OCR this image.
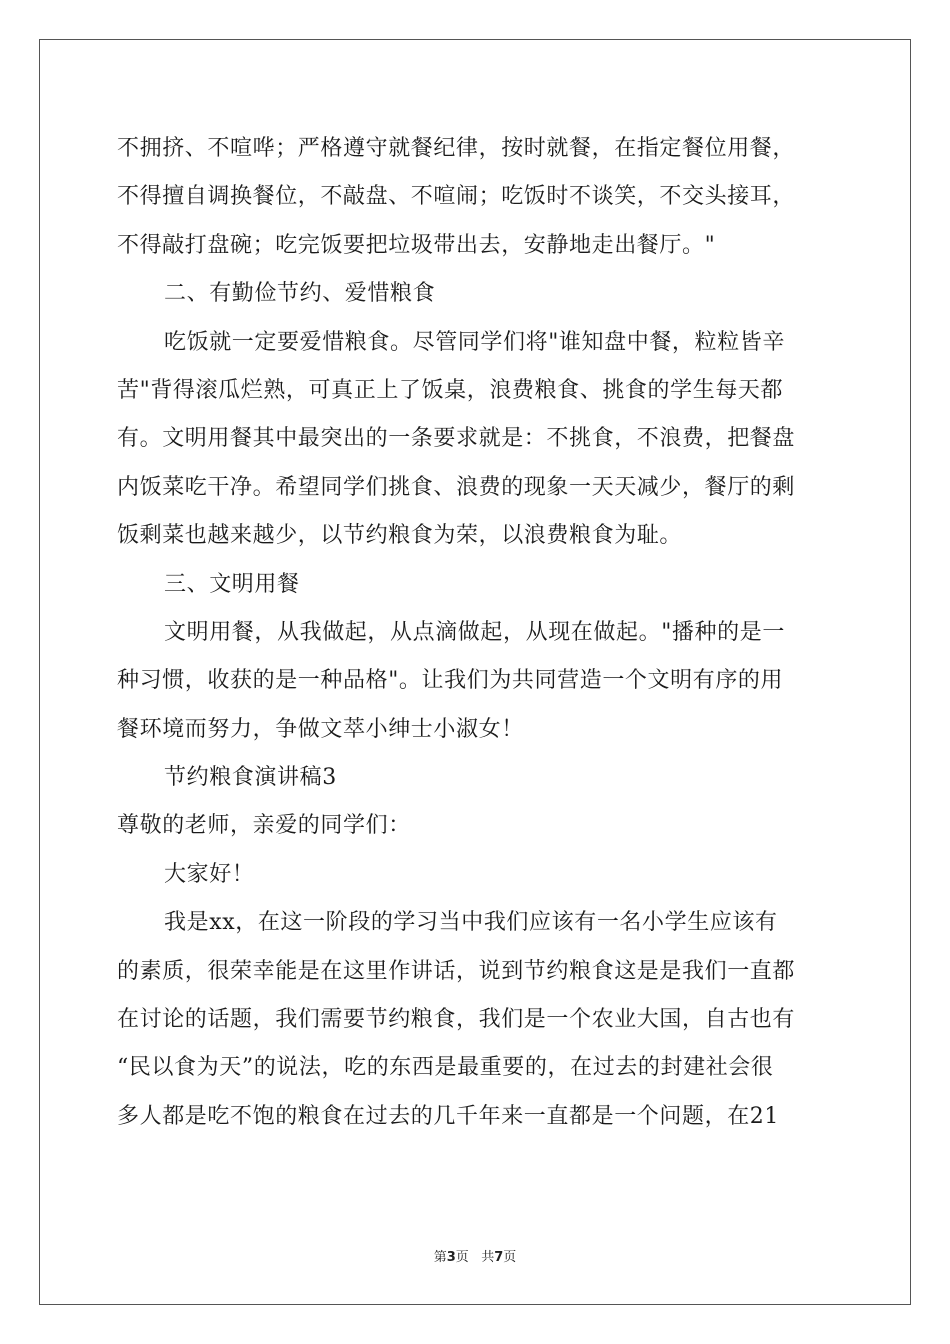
不拥挤、不喧哗；严格遵守就餐纪律，按时就餐，在指定餐位用餐，
不得擅自调换餐位，不敲盘、不喧闹；吃饭时不谈笑，不交头接耳，
不得敲打盘碗；吃完饭要把垃圾带出去，安静地走出餐厅。"
二、有勤俭节约、爱惜粮食
吃饭就一定要爱惜粮食。尽管同学们将"谁知盘中餐，粒粒皆辛
苦"背得滚瓜烂熟，可真正上了饭桌，浪费粮食、挑食的学生每天都
有。文明用餐其中最突出的一条要求就是：不挑食，不浪费，把餐盘
内饭菜吃干净。希望同学们挑食、浪费的现象一天天减少，餐厅的剩
饭剩菜也越来越少，以节约粮食为荣，以浪费粮食为耻。
三、文明用餐
文明用餐，从我做起，从点滴做起，从现在做起。"播种的是一
种习惯，收获的是一种品格"。让我们为共同营造一个文明有序的用
餐环境而努力，争做文萃小绅士小淑女！
节约粮食演讲稿3
尊敬的老师，亲爱的同学们：
大家好！
我是xx，在这一阶段的学习当中我们应该有一名小学生应该有
的素质，很荣幸能是在这里作讲话，说到节约粮食这是是我们一直都
在讨论的话题，我们需要节约粮食，我们是一个农业大国，自古也有
“民以食为天”的说法，吃的东西是最重要的，在过去的封建社会很
多人都是吃不饱的粮食在过去的几千年来一直都是一个问题，在21
第3页 共7页
